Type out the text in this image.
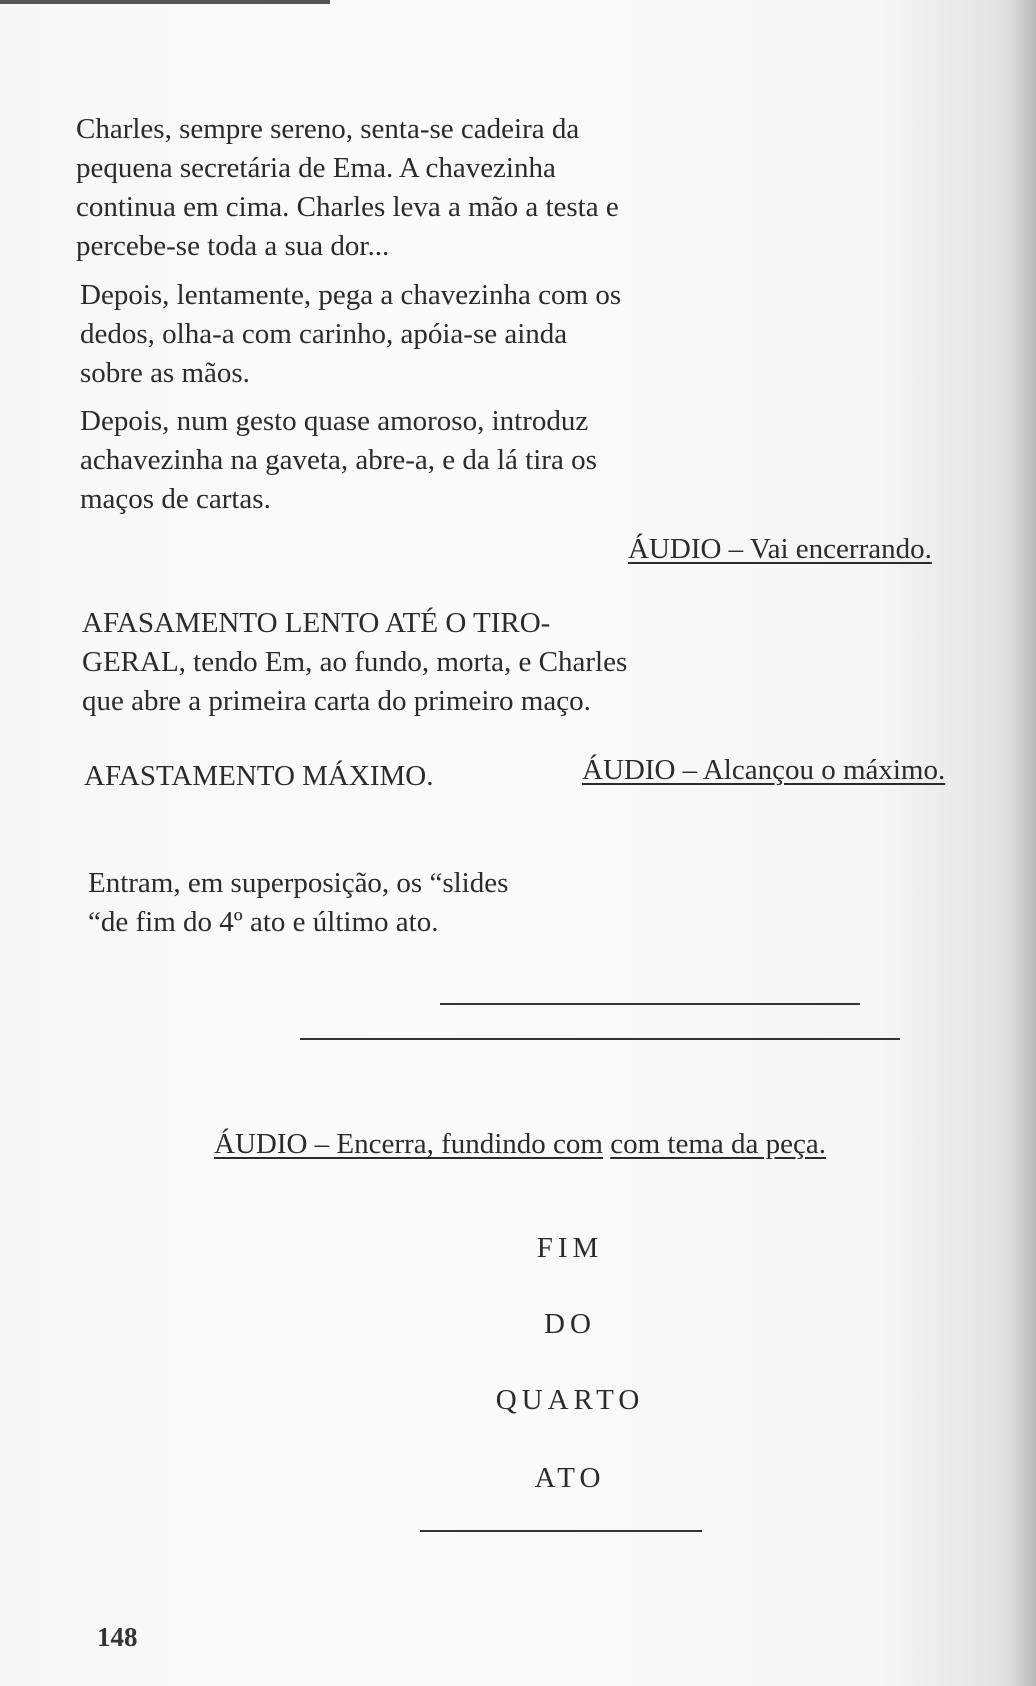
Charles, sempre sereno, senta-se cadeira da
pequena secretária de Ema. A chavezinha
continua em cima. Charles leva a mão a testa e
percebe-se toda a sua dor...
Depois, lentamente, pega a chavezinha com os
dedos, olha-a com carinho, apóia-se ainda
sobre as mãos.
Depois, num gesto quase amoroso, introduz
achavezinha na gaveta, abre-a, e da lá tira os
maços de cartas.
ÁUDIO – Vai encerrando.
AFASAMENTO LENTO ATÉ O TIRO-
GERAL, tendo Em, ao fundo, morta, e Charles
que abre a primeira carta do primeiro maço.
AFASTAMENTO MÁXIMO.	ÁUDIO – Alcançou o máximo.
Entram, em superposição, os “slides
“de fim do 4º ato e último ato.
ÁUDIO – Encerra, fundindo com com tema da peça.
FIM
DO
QUARTO
ATO
148
